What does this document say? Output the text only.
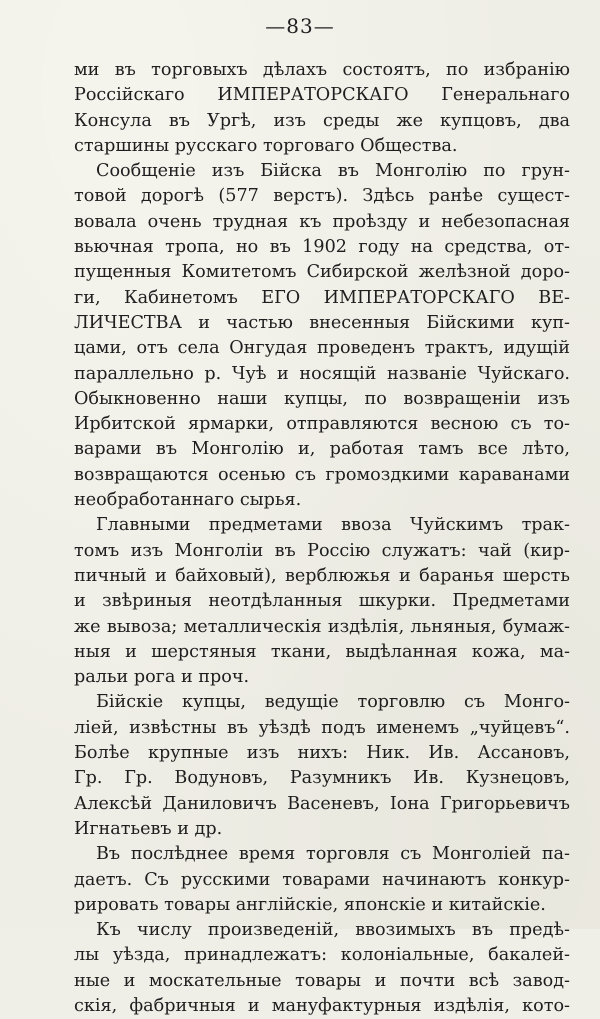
—83—
ми въ торговыхъ дѣлахъ состоятъ, по избранію
Россійскаго ИМПЕРАТОРСКАГО Генеральнаго
Консула въ Ургѣ, изъ среды же купцовъ, два
старшины русскаго торговаго Общества.
Сообщеніе изъ Бійска въ Монголію по грун-
товой дорогѣ (577 верстъ). Здѣсь ранѣе сущест-
вовала очень трудная къ проѣзду и небезопасная
вьючная тропа, но въ 1902 году на средства, от-
пущенныя Комитетомъ Сибирской желѣзной доро-
ги, Кабинетомъ ЕГО ИМПЕРАТОРСКАГО ВЕ-
ЛИЧЕСТВА и частью внесенныя Бійскими куп-
цами, отъ села Онгудая проведенъ трактъ, идущій
параллельно р. Чуѣ и носящій названіе Чуйскаго.
Обыкновенно наши купцы, по возвращеніи изъ
Ирбитской ярмарки, отправляются весною съ то-
варами въ Монголію и, работая тамъ все лѣто,
возвращаются осенью съ громоздкими караванами
необработаннаго сырья.
Главными предметами ввоза Чуйскимъ трак-
томъ изъ Монголіи въ Россію служатъ: чай (кир-
пичный и байховый), верблюжья и баранья шерсть
и звѣриныя неотдѣланныя шкурки. Предметами
же вывоза; металлическія издѣлія, льняныя, бумаж-
ныя и шерстяныя ткани, выдѣланная кожа, ма-
ральи рога и проч.
Бійскіе купцы, ведущіе торговлю съ Монго-
ліей, извѣстны въ уѣздѣ подъ именемъ „чуйцевъ“.
Болѣе крупные изъ нихъ: Ник. Ив. Ассановъ,
Гр. Гр. Водуновъ, Разумникъ Ив. Кузнецовъ,
Алексѣй Даниловичъ Васеневъ, Іона Григорьевичъ
Игнатьевъ и др.
Въ послѣднее время торговля съ Монголіей па-
даетъ. Съ русскими товарами начинаютъ конкур-
рировать товары англійскіе, японскіе и китайскіе.
Къ числу произведеній, ввозимыхъ въ предѣ-
лы уѣзда, принадлежатъ: колоніальные, бакалей-
ные и москательные товары и почти всѣ завод-
скія, фабричныя и мануфактурныя издѣлія, кото-
